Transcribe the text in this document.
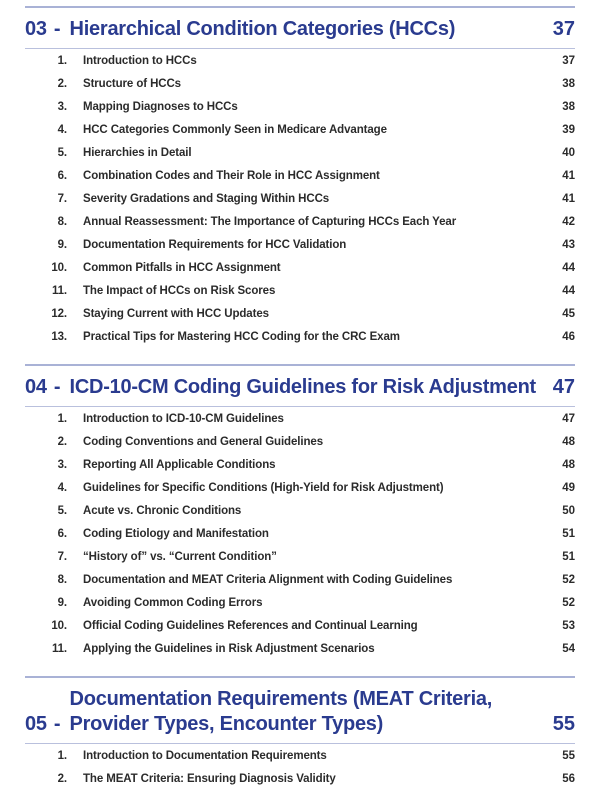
03 - Hierarchical Condition Categories (HCCs)	37
1.	Introduction to HCCs	37
2.	Structure of HCCs	38
3.	Mapping Diagnoses to HCCs	38
4.	HCC Categories Commonly Seen in Medicare Advantage	39
5.	Hierarchies in Detail	40
6.	Combination Codes and Their Role in HCC Assignment	41
7.	Severity Gradations and Staging Within HCCs	41
8.	Annual Reassessment: The Importance of Capturing HCCs Each Year	42
9.	Documentation Requirements for HCC Validation	43
10.	Common Pitfalls in HCC Assignment	44
11.	The Impact of HCCs on Risk Scores	44
12.	Staying Current with HCC Updates	45
13.	Practical Tips for Mastering HCC Coding for the CRC Exam	46
04 - ICD-10-CM Coding Guidelines for Risk Adjustment 47
1.	Introduction to ICD-10-CM Guidelines	47
2.	Coding Conventions and General Guidelines	48
3.	Reporting All Applicable Conditions	48
4.	Guidelines for Specific Conditions (High-Yield for Risk Adjustment)	49
5.	Acute vs. Chronic Conditions	50
6.	Coding Etiology and Manifestation	51
7.	“History of” vs. “Current Condition”	51
8.	Documentation and MEAT Criteria Alignment with Coding Guidelines	52
9.	Avoiding Common Coding Errors	52
10.	Official Coding Guidelines References and Continual Learning	53
11.	Applying the Guidelines in Risk Adjustment Scenarios	54
05 -
Documentation Requirements (MEAT Criteria, Provider Types, Encounter Types)	55
1.	Introduction to Documentation Requirements	55
2.	The MEAT Criteria: Ensuring Diagnosis Validity	56
